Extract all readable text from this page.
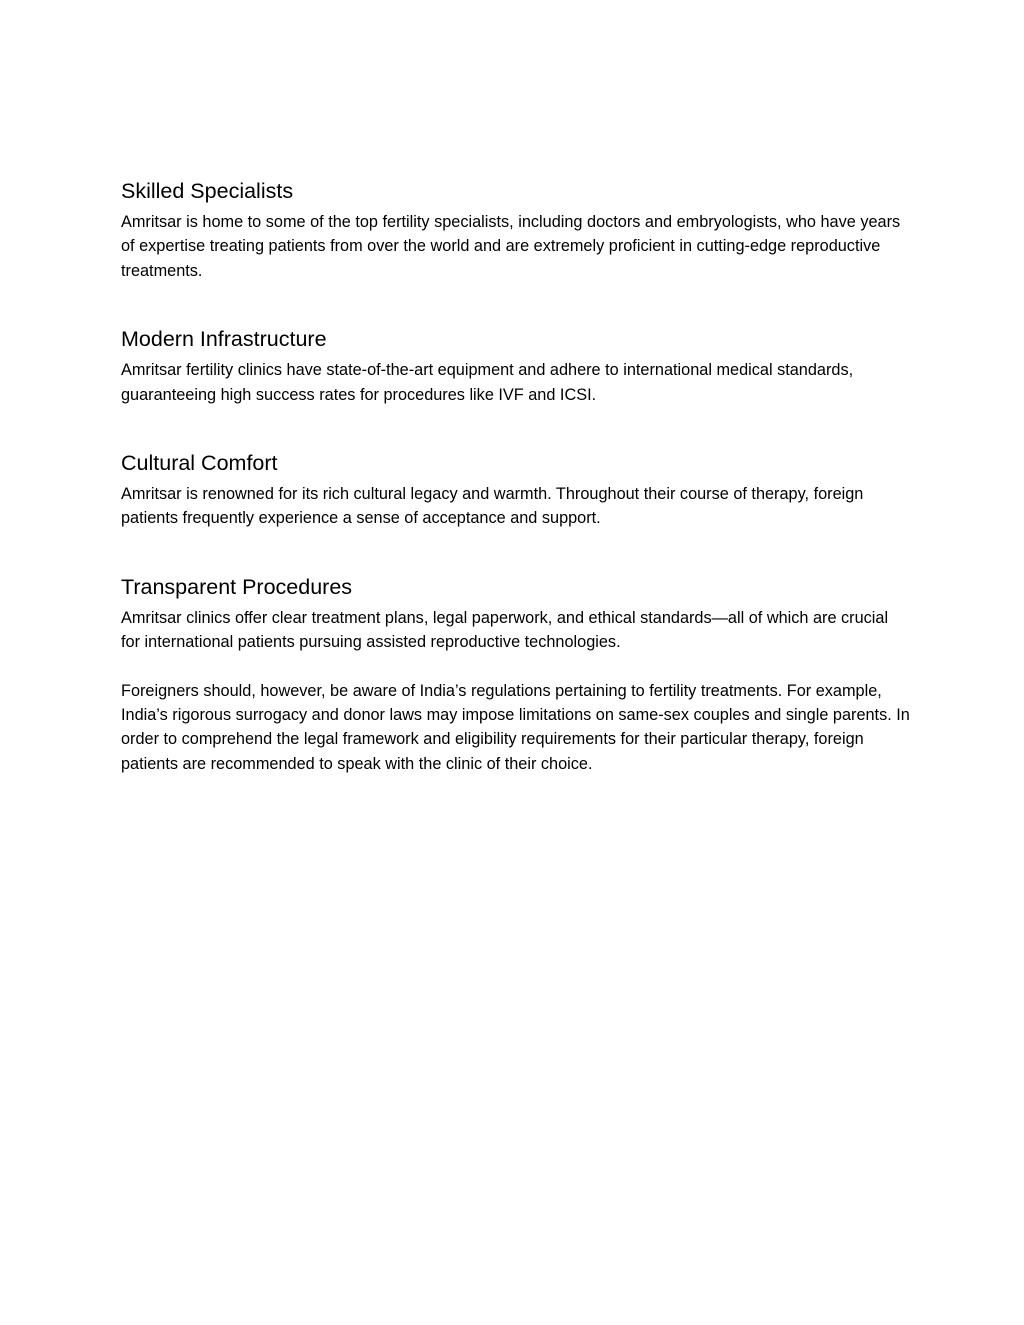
Skilled Specialists

Amritsar is home to some of the top fertility specialists, including doctors and embryologists, who have years of expertise treating patients from over the world and are extremely proficient in cutting-edge reproductive treatments.

Modern Infrastructure

Amritsar fertility clinics have state-of-the-art equipment and adhere to international medical standards, guaranteeing high success rates for procedures like IVF and ICSI.

Cultural Comfort

Amritsar is renowned for its rich cultural legacy and warmth. Throughout their course of therapy, foreign patients frequently experience a sense of acceptance and support.

Transparent Procedures

Amritsar clinics offer clear treatment plans, legal paperwork, and ethical standards—all of which are crucial for international patients pursuing assisted reproductive technologies.

Foreigners should, however, be aware of India’s regulations pertaining to fertility treatments. For example, India’s rigorous surrogacy and donor laws may impose limitations on same-sex couples and single parents. In order to comprehend the legal framework and eligibility requirements for their particular therapy, foreign patients are recommended to speak with the clinic of their choice.
